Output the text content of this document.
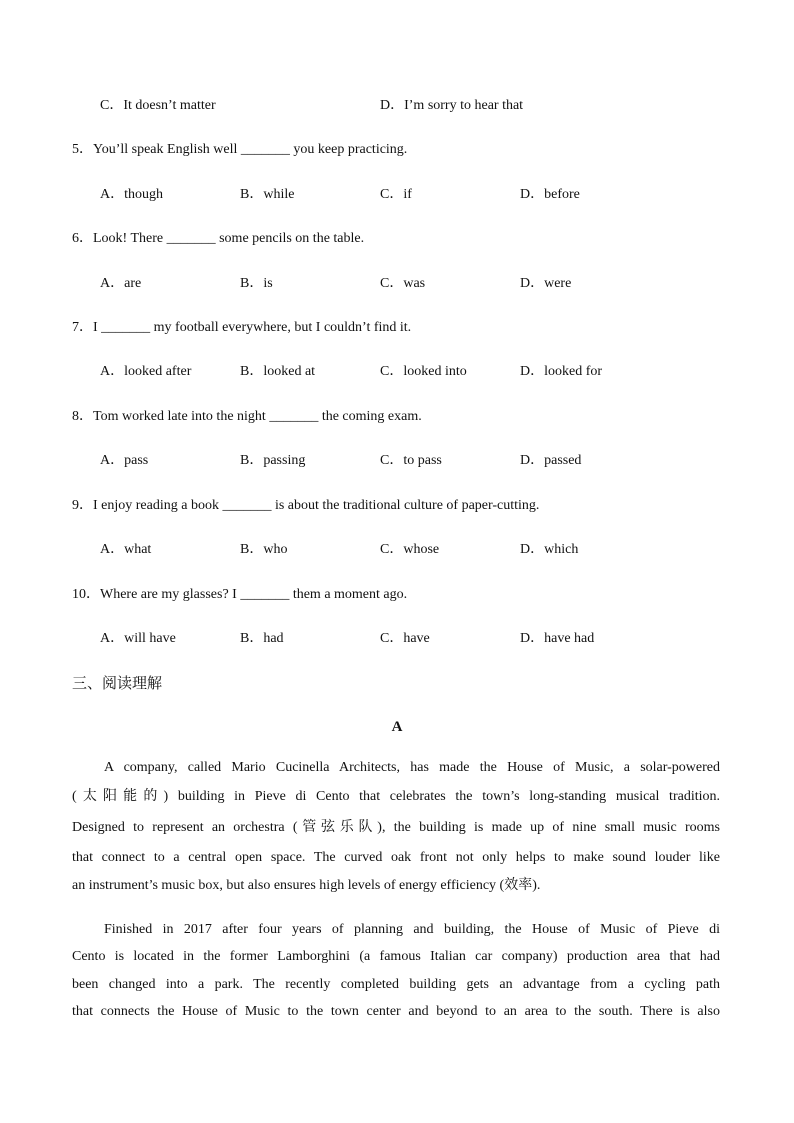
C．It doesn’t matter	D．I’m sorry to hear that
5．You’ll speak English well _______ you keep practicing.
A．though	B．while	C．if	D．before
6．Look! There _______ some pencils on the table.
A．are	B．is	C．was	D．were
7．I _______ my football everywhere, but I couldn’t find it.
A．looked after	B．looked at	C．looked into	D．looked for
8．Tom worked late into the night _______ the coming exam.
A．pass	B．passing	C．to pass	D．passed
9．I enjoy reading a book _______ is about the traditional culture of paper-cutting.
A．what	B．who	C．whose	D．which
10．Where are my glasses? I _______ them a moment ago.
A．will have	B．had	C．have	D．have had
三、阅读理解
A
A company, called Mario Cucinella Architects, has made the House of Music, a solar-powered
(太阳能的) building in Pieve di Cento that celebrates the town’s long-standing musical tradition.
Designed to represent an orchestra (管弦乐队), the building is made up of nine small music rooms
that connect to a central open space. The curved oak front not only helps to make sound louder like
an instrument’s music box, but also ensures high levels of energy efficiency (效率).
Finished in 2017 after four years of planning and building, the House of Music of Pieve di
Cento is located in the former Lamborghini (a famous Italian car company) production area that had
been changed into a park. The recently completed building gets an advantage from a cycling path
that connects the House of Music to the town center and beyond to an area to the south. There is also
